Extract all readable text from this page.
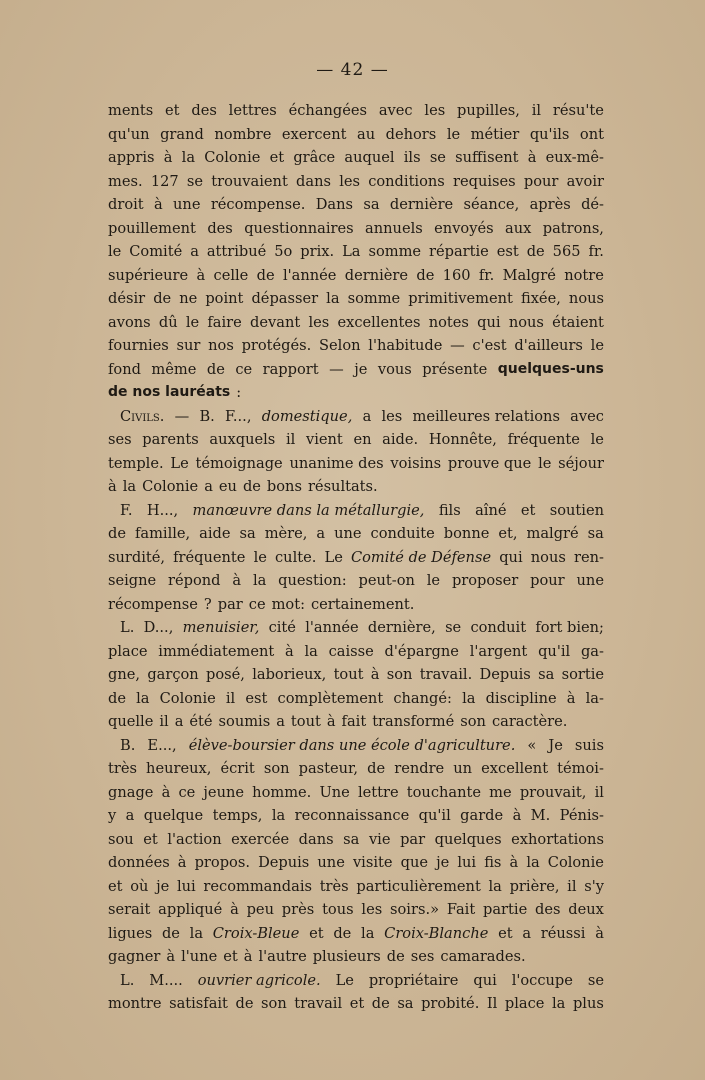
— 42 —
ments et des lettres échangées avec les pupilles, il résu'te
qu'un grand nombre exercent au dehors le métier qu'ils ont
appris à la Colonie et grâce auquel ils se suffisent à eux-mê-
mes. 127 se trouvaient dans les conditions requises pour avoir
droit à une récompense. Dans sa dernière séance, après dé-
pouillement des questionnaires annuels envoyés aux patrons,
le Comité a attribué 5o prix. La somme répartie est de 565 fr.
supérieure à celle de l'année dernière de 160 fr. Malgré notre
désir de ne point dépasser la somme primitivement fixée, nous
avons dû le faire devant les excellentes notes qui nous étaient
fournies sur nos protégés. Selon l'habitude — c'est d'ailleurs le
fond même de ce rapport — je vous présente quelques-uns
de nos lauréats :
Civils. — B. F..., domestique, a les meilleures relations avec
ses parents auxquels il vient en aide. Honnête, fréquente le
temple. Le témoignage unanime des voisins prouve que le séjour
à la Colonie a eu de bons résultats.
F. H..., manœuvre dans la métallurgie, fils aîné et soutien
de famille, aide sa mère, a une conduite bonne et, malgré sa
surdité, fréquente le culte. Le Comité de Défense qui nous ren-
seigne répond à la question: peut-on le proposer pour une
récompense ? par ce mot: certainement.
L. D..., menuisier, cité l'année dernière, se conduit fort bien;
place immédiatement à la caisse d'épargne l'argent qu'il ga-
gne, garçon posé, laborieux, tout à son travail. Depuis sa sortie
de la Colonie il est complètement changé: la discipline à la-
quelle il a été soumis a tout à fait transformé son caractère.
B. E..., élève-boursier dans une école d'agriculture. « Je suis
très heureux, écrit son pasteur, de rendre un excellent témoi-
gnage à ce jeune homme. Une lettre touchante me prouvait, il
y a quelque temps, la reconnaissance qu'il garde à M. Pénis-
sou et l'action exercée dans sa vie par quelques exhortations
données à propos. Depuis une visite que je lui fis à la Colonie
et où je lui recommandais très particulièrement la prière, il s'y
serait appliqué à peu près tous les soirs.» Fait partie des deux
ligues de la Croix-Bleue et de la Croix-Blanche et a réussi à
gagner à l'une et à l'autre plusieurs de ses camarades.
L. M.... ouvrier agricole. Le propriétaire qui l'occupe se
montre satisfait de son travail et de sa probité. Il place la plus
